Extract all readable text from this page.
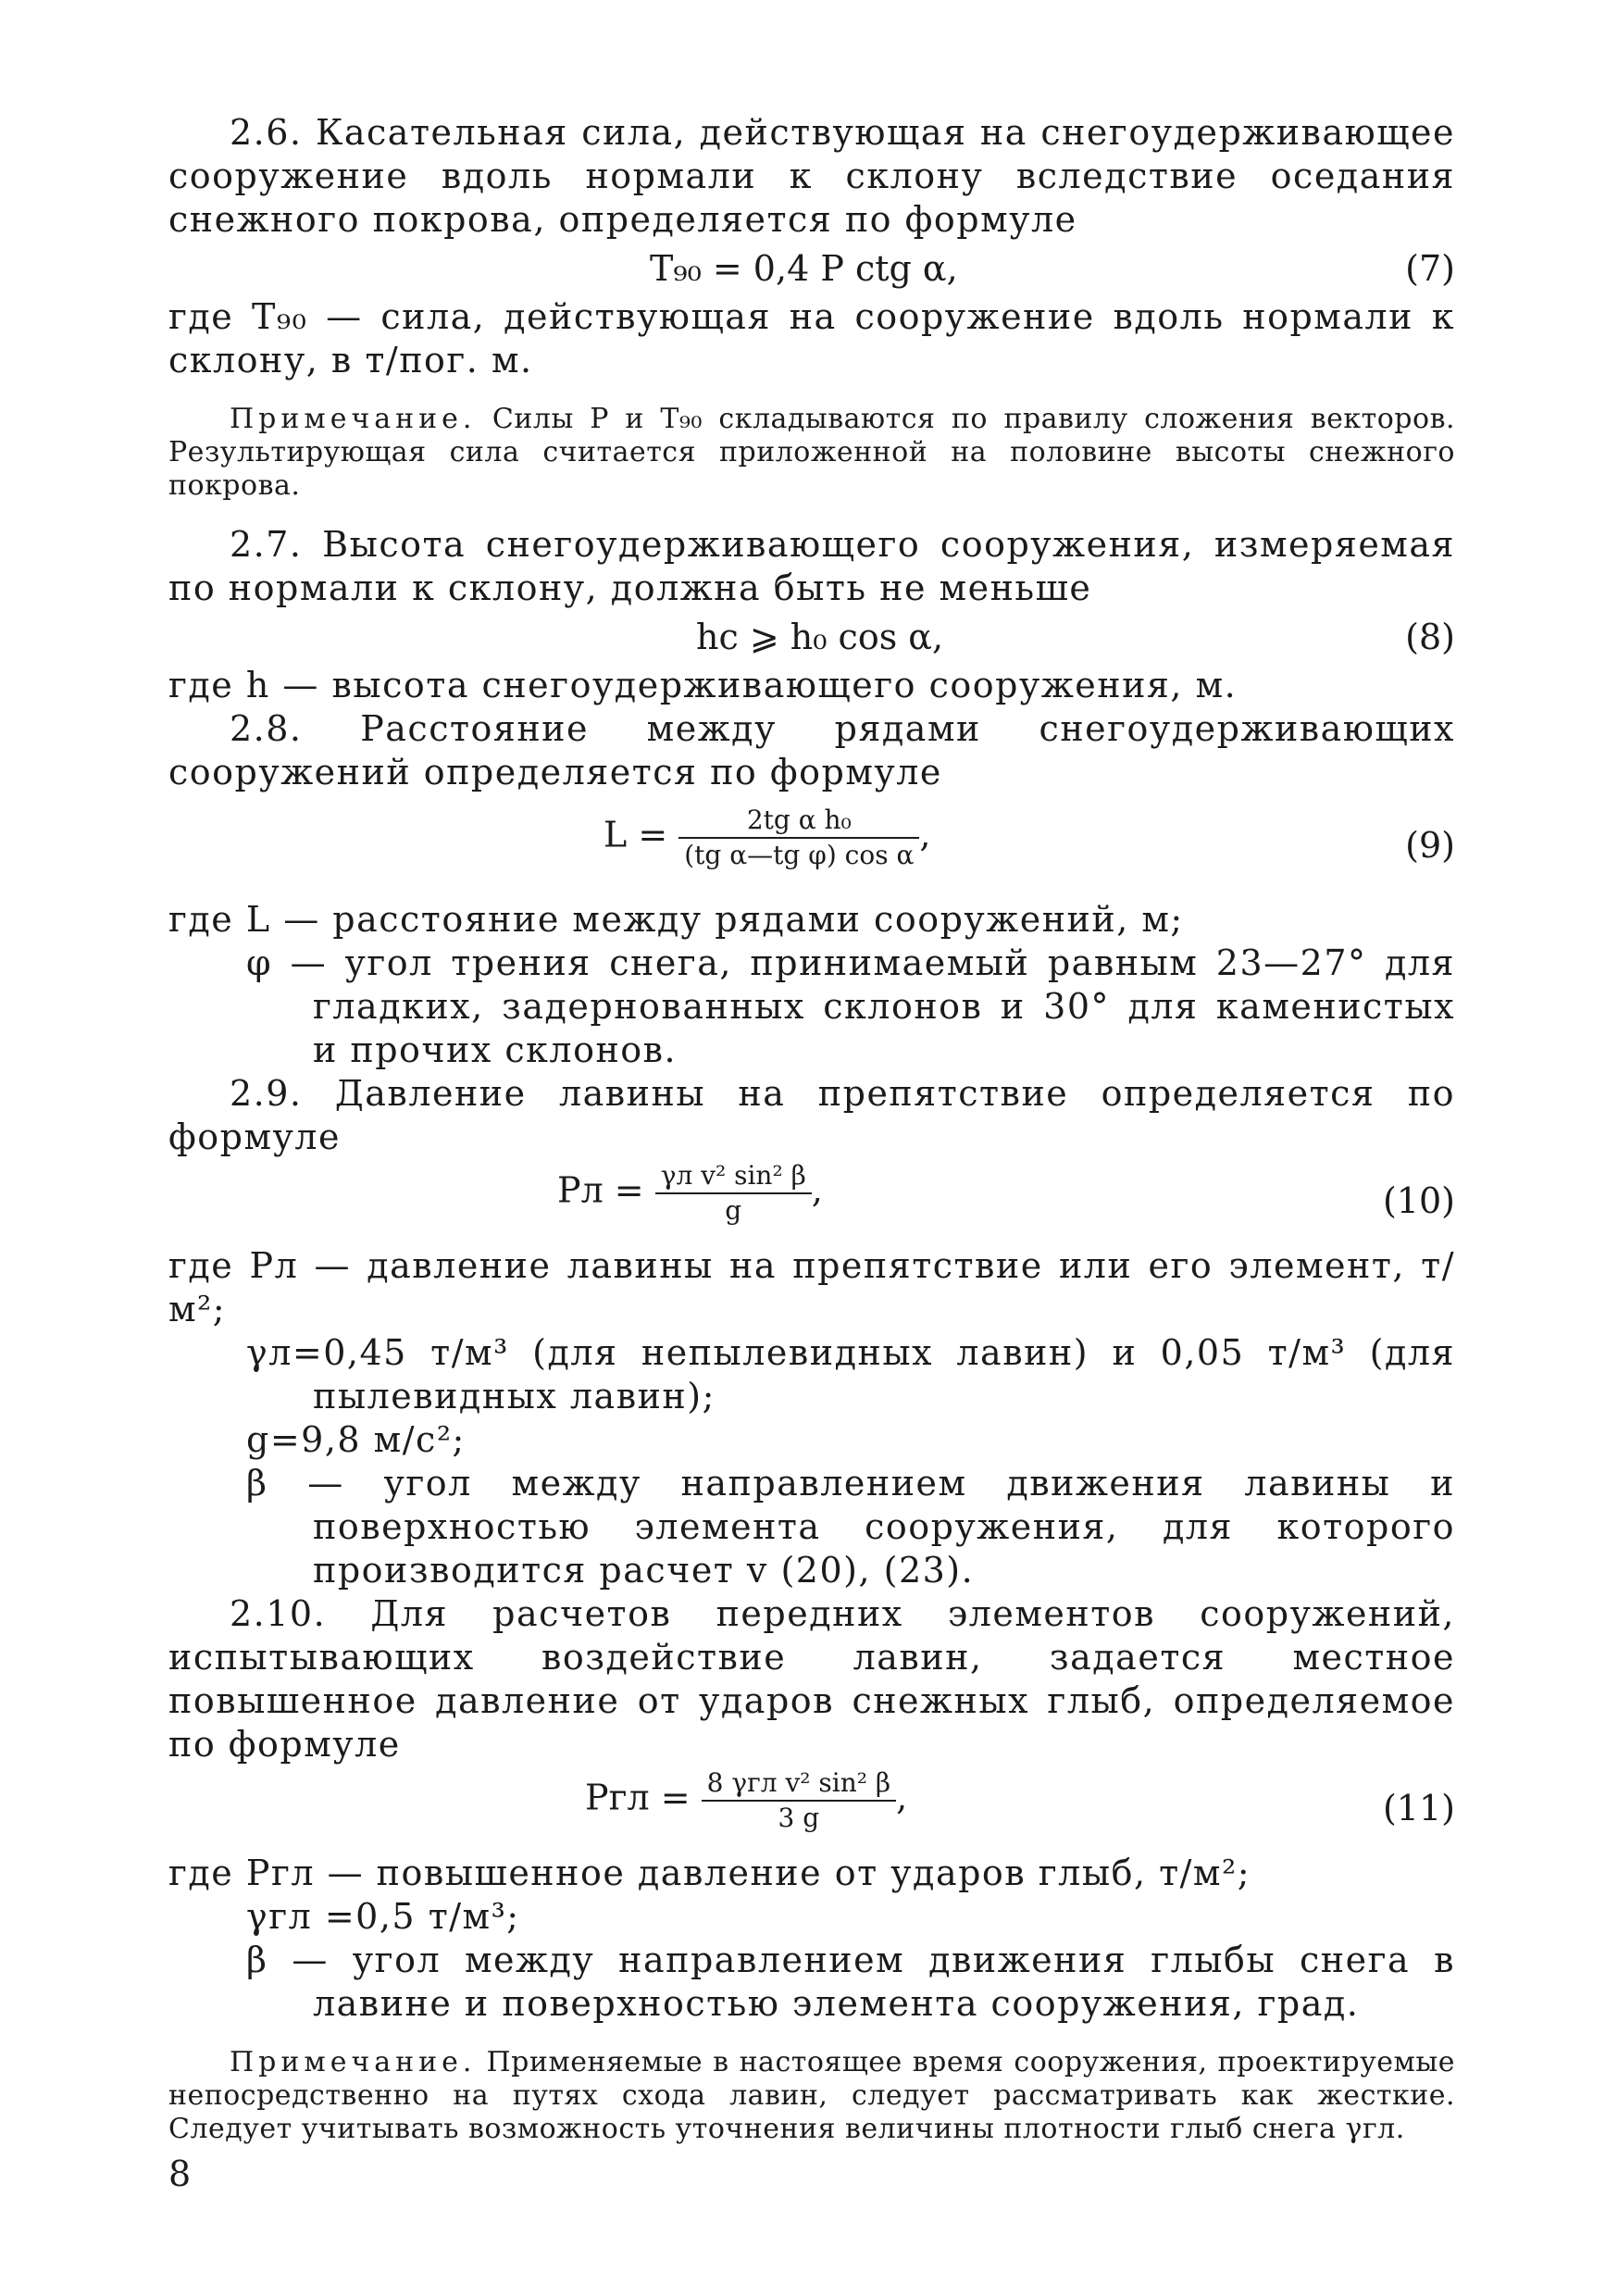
2.6. Касательная сила, действующая на снегоудерживающее сооружение вдоль нормали к склону вследствие оседания снежного покрова, определяется по формуле

T₉₀ = 0,4 P ctg α,	(7)

где T₉₀ — сила, действующая на сооружение вдоль нормали к склону, в т/пог. м.

Примечание. Силы P и T₉₀ складываются по правилу сложения векторов. Результирующая сила считается приложенной на половине высоты снежного покрова.

2.7. Высота снегоудерживающего сооружения, измеряемая по нормали к склону, должна быть не меньше

hc ⩾ h₀ cos α,	(8)

где h — высота снегоудерживающего сооружения, м.

2.8. Расстояние между рядами снегоудерживающих сооружений определяется по формуле

$L = \frac{\text{2tg α h₀}}{\text{(tg α—tg φ) cos α}}$ ,	(9)

где L — расстояние между рядами сооружений, м;

φ — угол трения снега, принимаемый равным 23—27° для гладких, задернованных склонов и 30° для каменистых и прочих склонов.

2.9. Давление лавины на препятствие определяется по формуле

Pл = $\frac{\text{γл v² sin² β}}{g}$ ,	(10)

где Pл — давление лавины на препятствие или его элемент, т/м²;

γл=0,45 т/м³ (для непылевидных лавин) и 0,05 т/м³ (для пылевидных лавин);

g=9,8 м/с²;

β — угол между направлением движения лавины и поверхностью элемента сооружения, для которого производится расчет v (20), (23).

2.10. Для расчетов передних элементов сооружений, испытывающих воздействие лавин, задается местное повышенное давление от ударов снежных глыб, определяемое по формуле

Pгл = $\frac{\text{8 γгл v² sin² β}}{3 g}$ ,	(11)

где Pгл — повышенное давление от ударов глыб, т/м²;

γгл =0,5 т/м³;

β — угол между направлением движения глыбы снега в лавине и поверхностью элемента сооружения, град.

Примечание. Применяемые в настоящее время сооружения, проектируемые непосредственно на путях схода лавин, следует рассматривать как жесткие. Следует учитывать возможность уточнения величины плотности глыб снега γгл.

8
